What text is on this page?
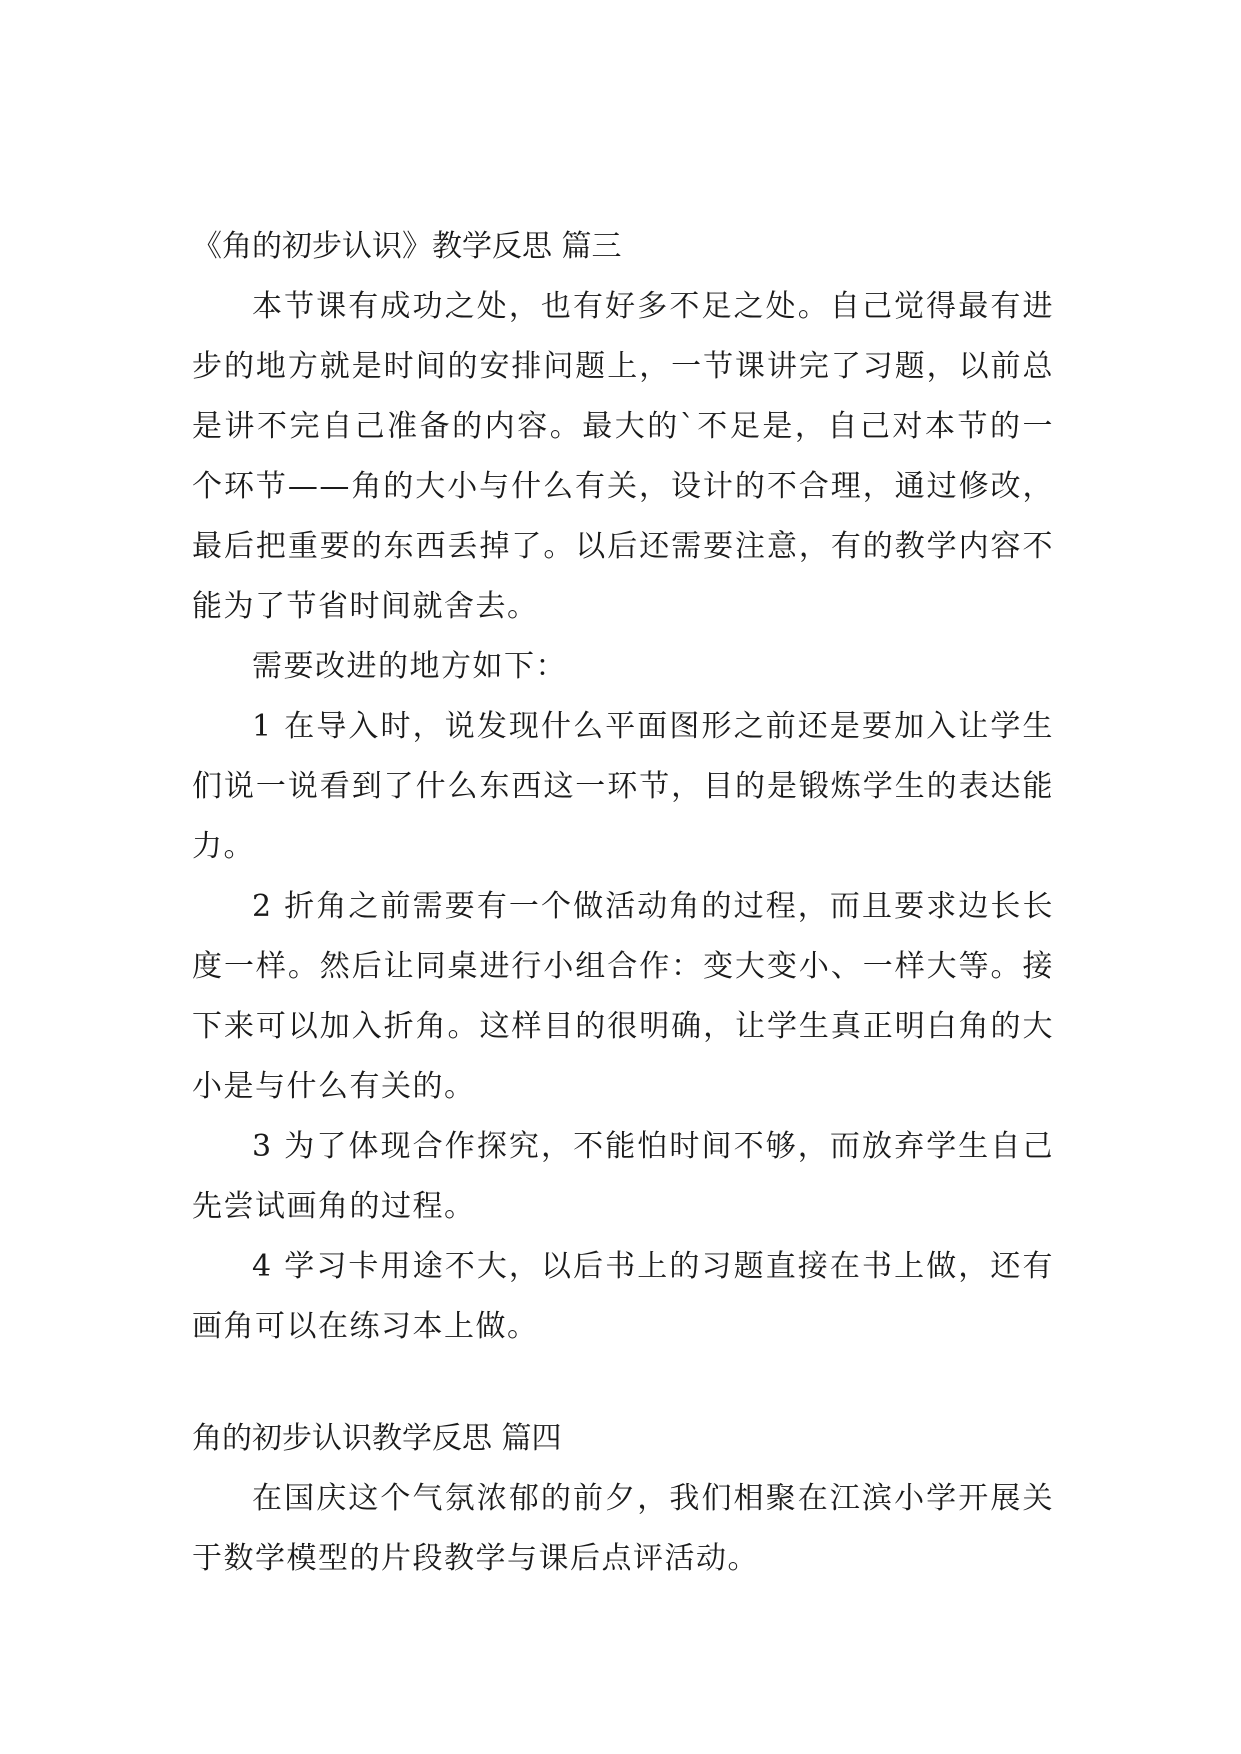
《角的初步认识》教学反思 篇三

本节课有成功之处，也有好多不足之处。自己觉得最有进步的地方就是时间的安排问题上，一节课讲完了习题，以前总是讲不完自己准备的内容。最大的`不足是，自己对本节的一个环节——角的大小与什么有关，设计的不合理，通过修改，最后把重要的东西丢掉了。以后还需要注意，有的教学内容不能为了节省时间就舍去。

需要改进的地方如下：

1 在导入时，说发现什么平面图形之前还是要加入让学生们说一说看到了什么东西这一环节，目的是锻炼学生的表达能力。

2 折角之前需要有一个做活动角的过程，而且要求边长长度一样。然后让同桌进行小组合作：变大变小、一样大等。接下来可以加入折角。这样目的很明确，让学生真正明白角的大小是与什么有关的。

3 为了体现合作探究，不能怕时间不够，而放弃学生自己先尝试画角的过程。

4 学习卡用途不大，以后书上的习题直接在书上做，还有画角可以在练习本上做。

角的初步认识教学反思 篇四

在国庆这个气氛浓郁的前夕，我们相聚在江滨小学开展关于数学模型的片段教学与课后点评活动。
